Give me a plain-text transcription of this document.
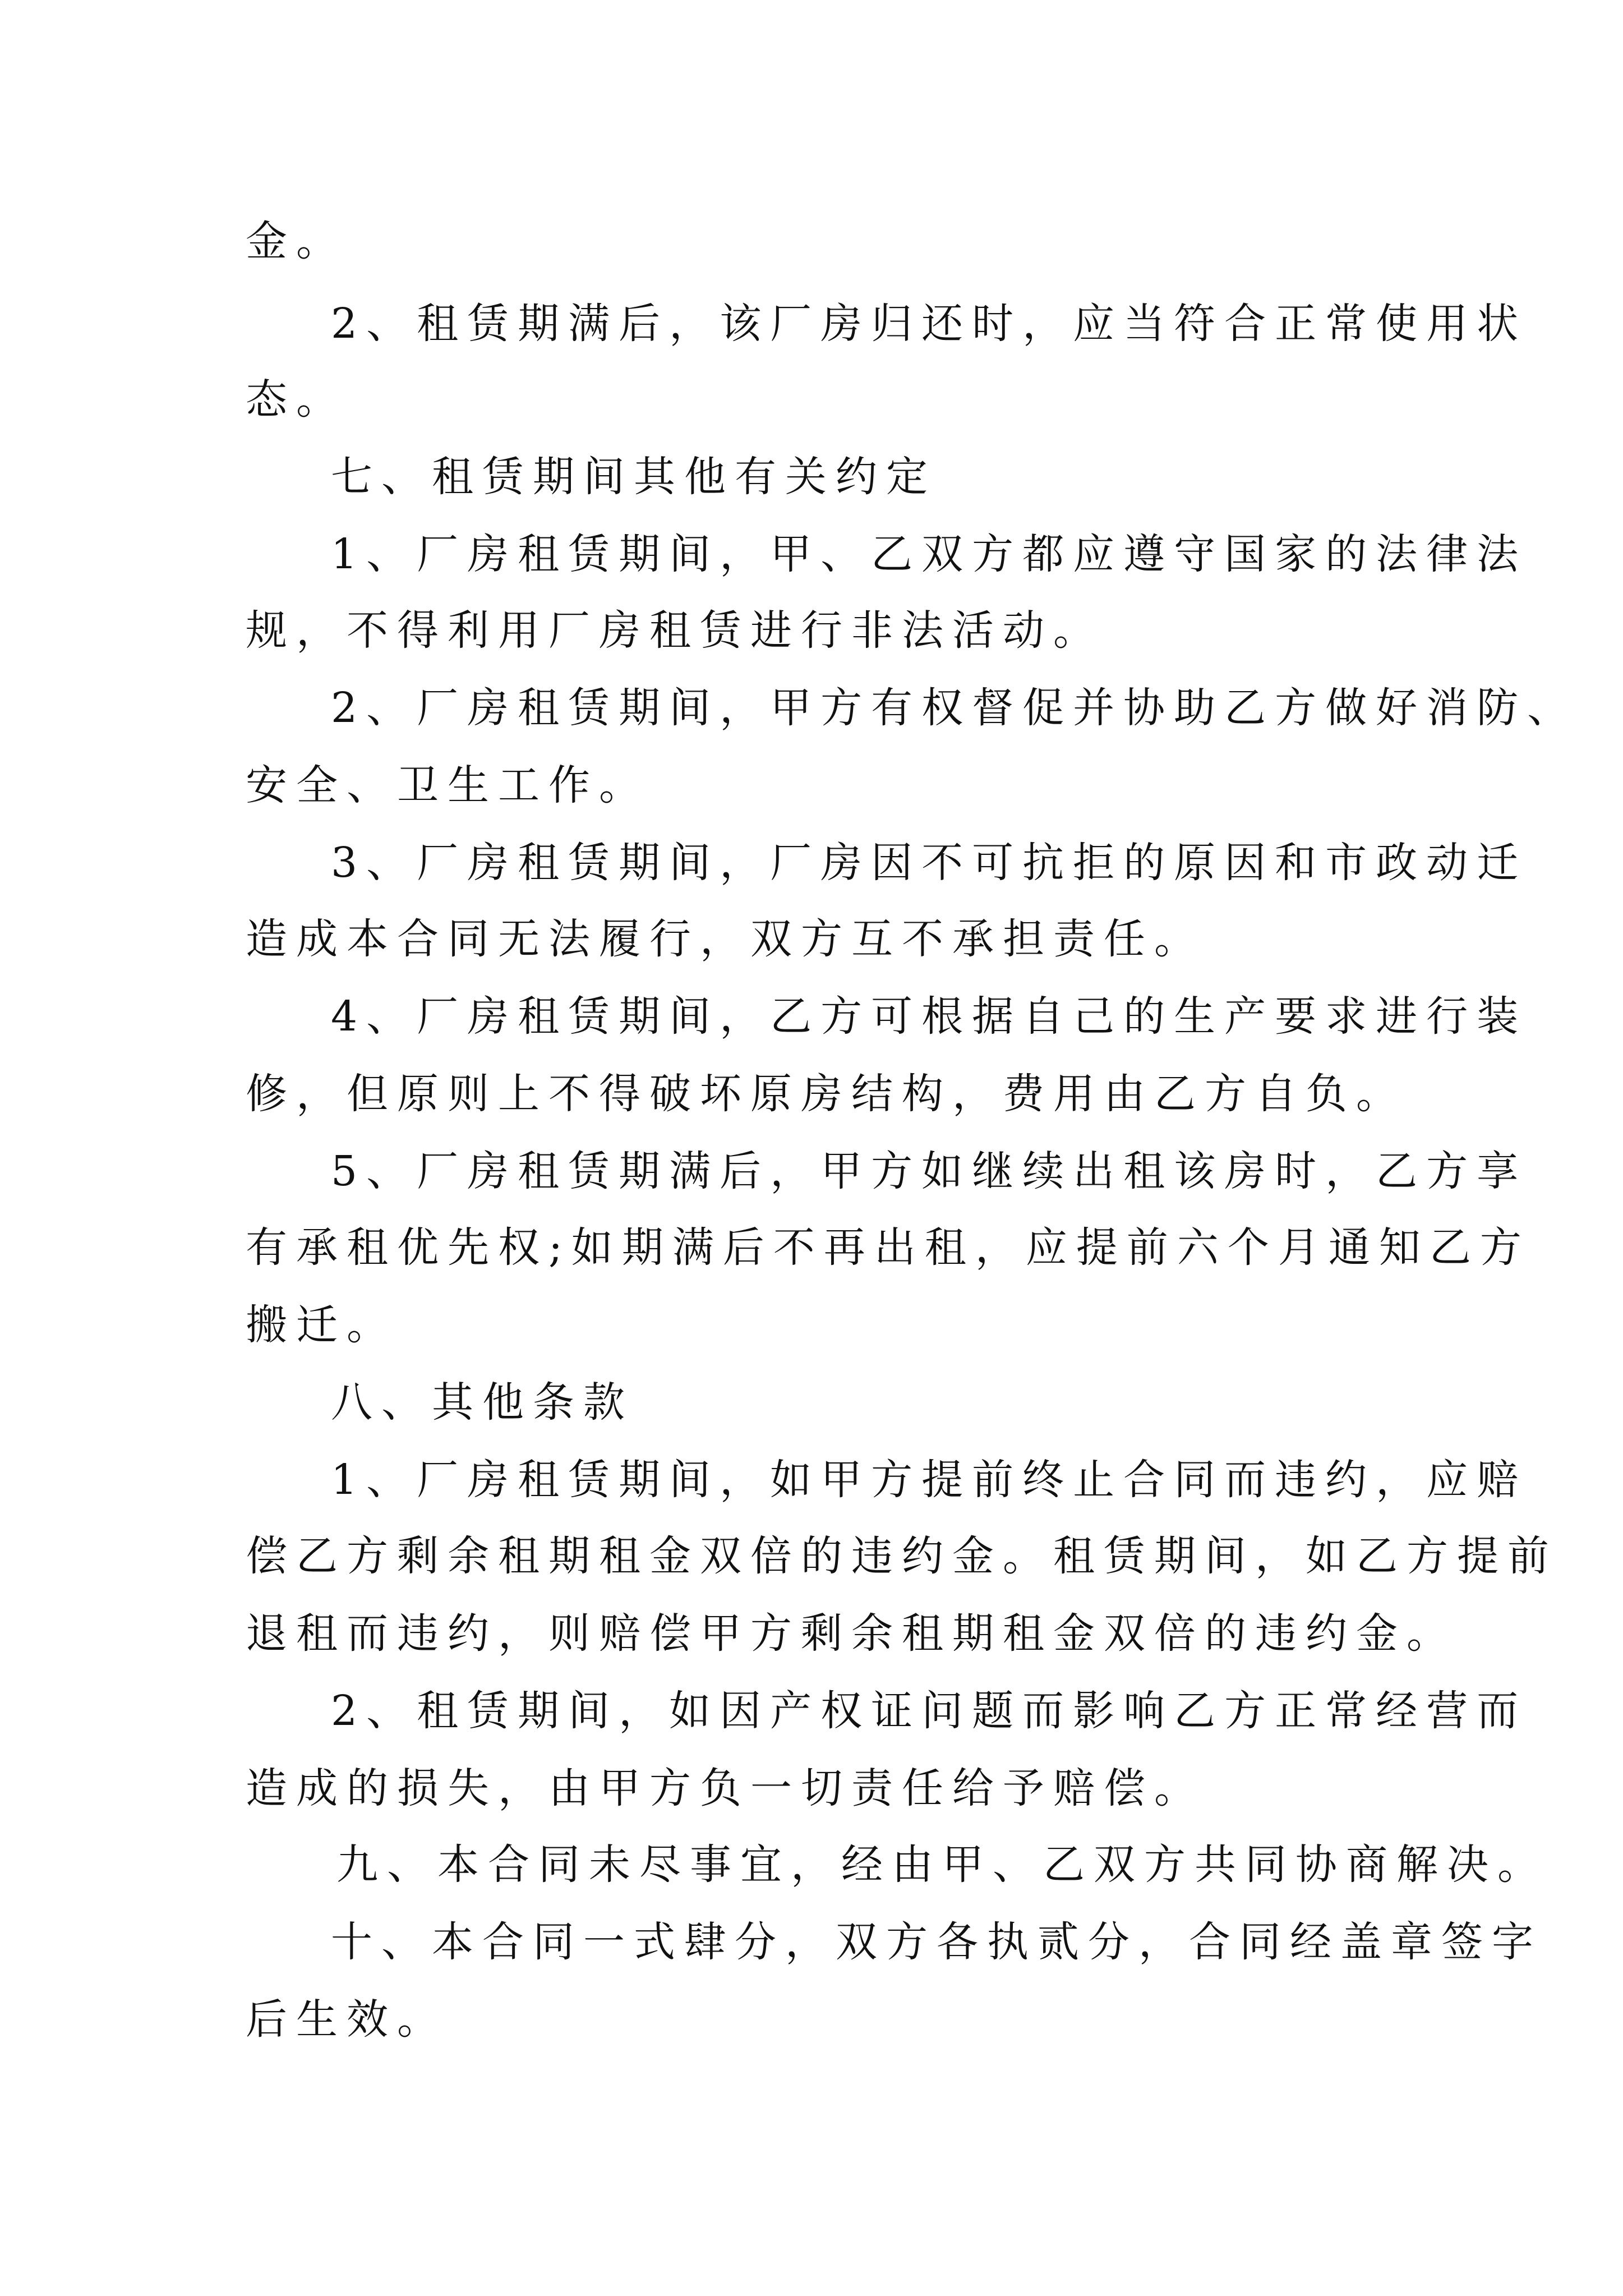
金。

2、租赁期满后，该厂房归还时，应当符合正常使用状

态。

七、租赁期间其他有关约定

1、厂房租赁期间，甲、乙双方都应遵守国家的法律法

规，不得利用厂房租赁进行非法活动。

2、厂房租赁期间，甲方有权督促并协助乙方做好消防、

安全、卫生工作。

3、厂房租赁期间，厂房因不可抗拒的原因和市政动迁

造成本合同无法履行，双方互不承担责任。

4、厂房租赁期间，乙方可根据自己的生产要求进行装

修，但原则上不得破坏原房结构，费用由乙方自负。

5、厂房租赁期满后，甲方如继续出租该房时，乙方享

有承租优先权;如期满后不再出租，应提前六个月通知乙方

搬迁。

八、其他条款

1、厂房租赁期间，如甲方提前终止合同而违约，应赔

偿乙方剩余租期租金双倍的违约金。租赁期间，如乙方提前

退租而违约，则赔偿甲方剩余租期租金双倍的违约金。

2、租赁期间，如因产权证问题而影响乙方正常经营而

造成的损失，由甲方负一切责任给予赔偿。

九、本合同未尽事宜，经由甲、乙双方共同协商解决。

十、本合同一式肆分，双方各执贰分，合同经盖章签字

后生效。
